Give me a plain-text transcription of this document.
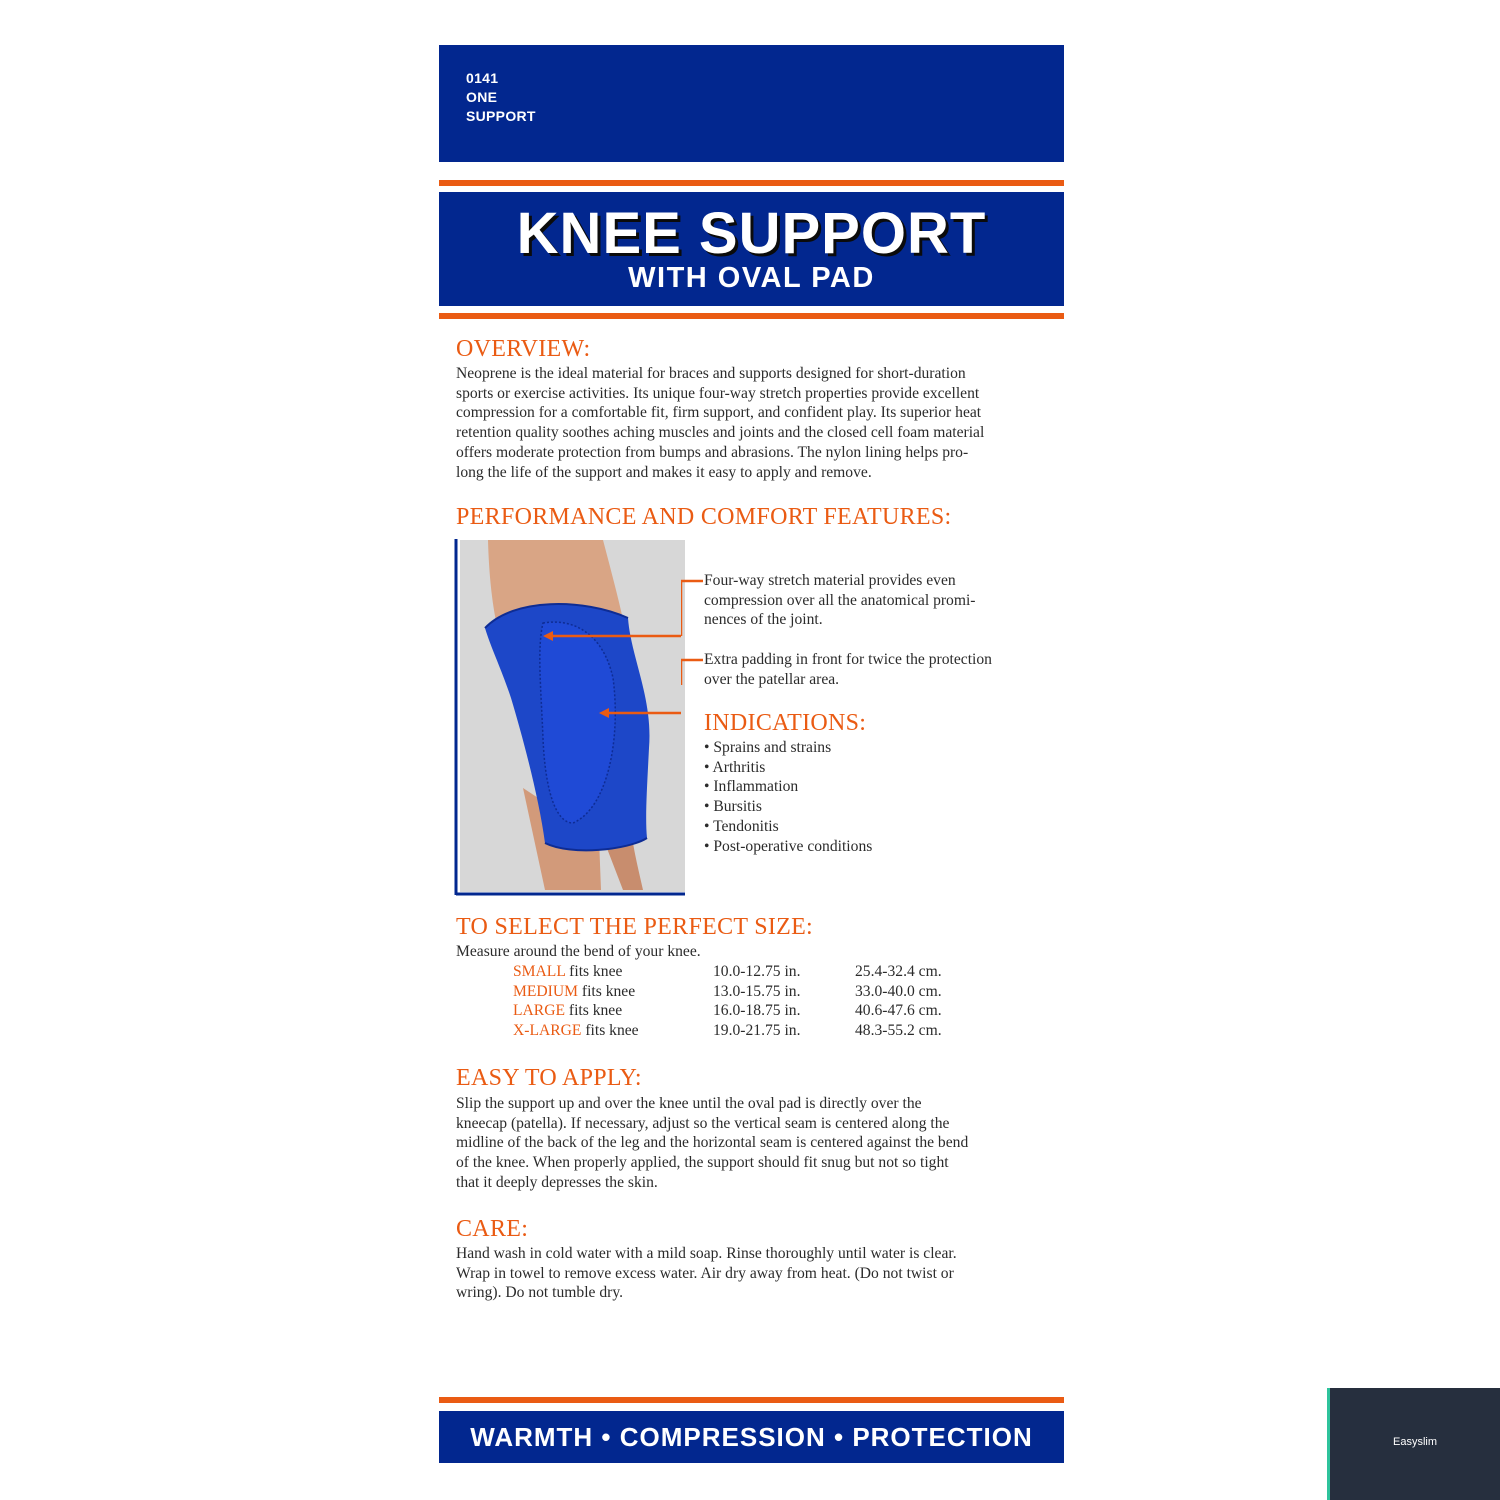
0141
ONE
SUPPORT
KNEE SUPPORT
WITH OVAL PAD
OVERVIEW:
Neoprene is the ideal material for braces and supports designed for short-duration
sports or exercise activities. Its unique four-way stretch properties provide excellent
compression for a comfortable fit, firm support, and confident play. Its superior heat
retention quality soothes aching muscles and joints and the closed cell foam material
offers moderate protection from bumps and abrasions. The nylon lining helps pro-
long the life of the support and makes it easy to apply and remove.
PERFORMANCE AND COMFORT FEATURES:
Four-way stretch material provides even
compression over all the anatomical promi-
nences of the joint.
Extra padding in front for twice the protection
over the patellar area.
INDICATIONS:
• Sprains and strains
• Arthritis
• Inflammation
• Bursitis
• Tendonitis
• Post-operative conditions
TO SELECT THE PERFECT SIZE:
Measure around the bend of your knee.
SMALL fits knee	10.0-12.75 in.	25.4-32.4 cm.
MEDIUM fits knee	13.0-15.75 in.	33.0-40.0 cm.
LARGE fits knee	16.0-18.75 in.	40.6-47.6 cm.
X-LARGE fits knee	19.0-21.75 in.	48.3-55.2 cm.
EASY TO APPLY:
Slip the support up and over the knee until the oval pad is directly over the
kneecap (patella). If necessary, adjust so the vertical seam is centered along the
midline of the back of the leg and the horizontal seam is centered against the bend
of the knee. When properly applied, the support should fit snug but not so tight
that it deeply depresses the skin.
CARE:
Hand wash in cold water with a mild soap. Rinse thoroughly until water is clear.
Wrap in towel to remove excess water. Air dry away from heat. (Do not twist or
wring). Do not tumble dry.
WARMTH • COMPRESSION • PROTECTION	Easyslim
